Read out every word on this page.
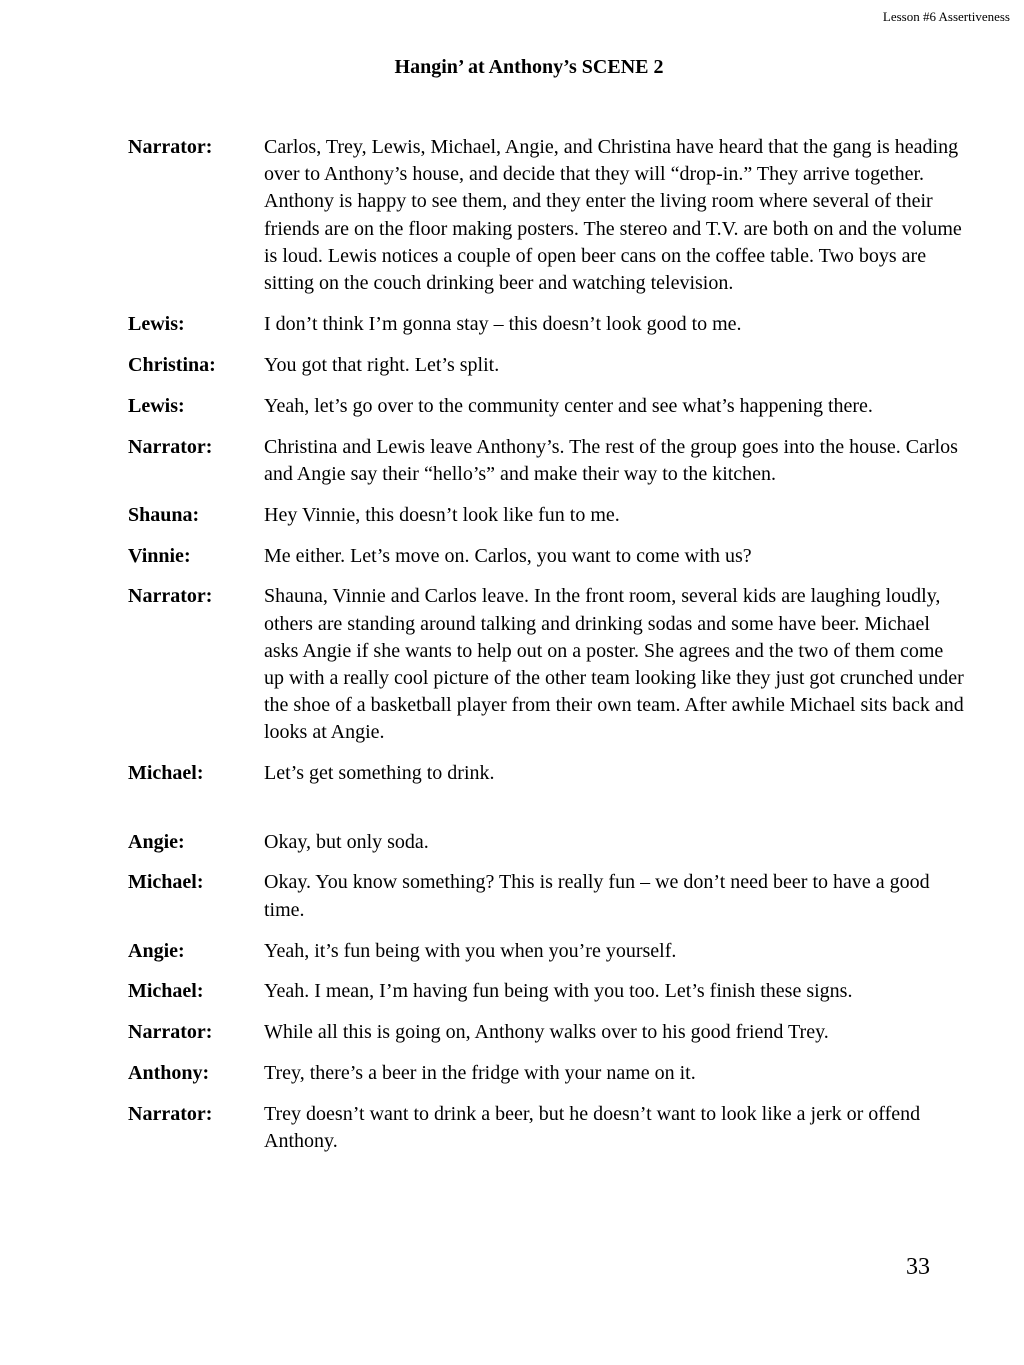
Lesson #6 Assertiveness
Hangin’ at Anthony’s SCENE 2
Narrator:	Carlos, Trey, Lewis, Michael, Angie, and Christina have heard that the gang is heading over to Anthony’s house, and decide that they will “drop-in.” They arrive together. Anthony is happy to see them, and they enter the living room where several of their friends are on the floor making posters. The stereo and T.V. are both on and the volume is loud. Lewis notices a couple of open beer cans on the coffee table. Two boys are sitting on the couch drinking beer and watching television.
Lewis:	I don’t think I’m gonna stay – this doesn’t look good to me.
Christina:	You got that right. Let’s split.
Lewis:	Yeah, let’s go over to the community center and see what’s happening there.
Narrator:	Christina and Lewis leave Anthony’s. The rest of the group goes into the house. Carlos and Angie say their “hello’s” and make their way to the kitchen.
Shauna:	Hey Vinnie, this doesn’t look like fun to me.
Vinnie:	Me either. Let’s move on. Carlos, you want to come with us?
Narrator:	Shauna, Vinnie and Carlos leave. In the front room, several kids are laughing loudly, others are standing around talking and drinking sodas and some have beer. Michael asks Angie if she wants to help out on a poster. She agrees and the two of them come up with a really cool picture of the other team looking like they just got crunched under the shoe of a basketball player from their own team. After awhile Michael sits back and looks at Angie.
Michael:	Let’s get something to drink.
Angie:	Okay, but only soda.
Michael:	Okay. You know something? This is really fun – we don’t need beer to have a good time.
Angie:	Yeah, it’s fun being with you when you’re yourself.
Michael:	Yeah. I mean, I’m having fun being with you too. Let’s finish these signs.
Narrator:	While all this is going on, Anthony walks over to his good friend Trey.
Anthony:	Trey, there’s a beer in the fridge with your name on it.
Narrator:	Trey doesn’t want to drink a beer, but he doesn’t want to look like a jerk or offend Anthony.
33
